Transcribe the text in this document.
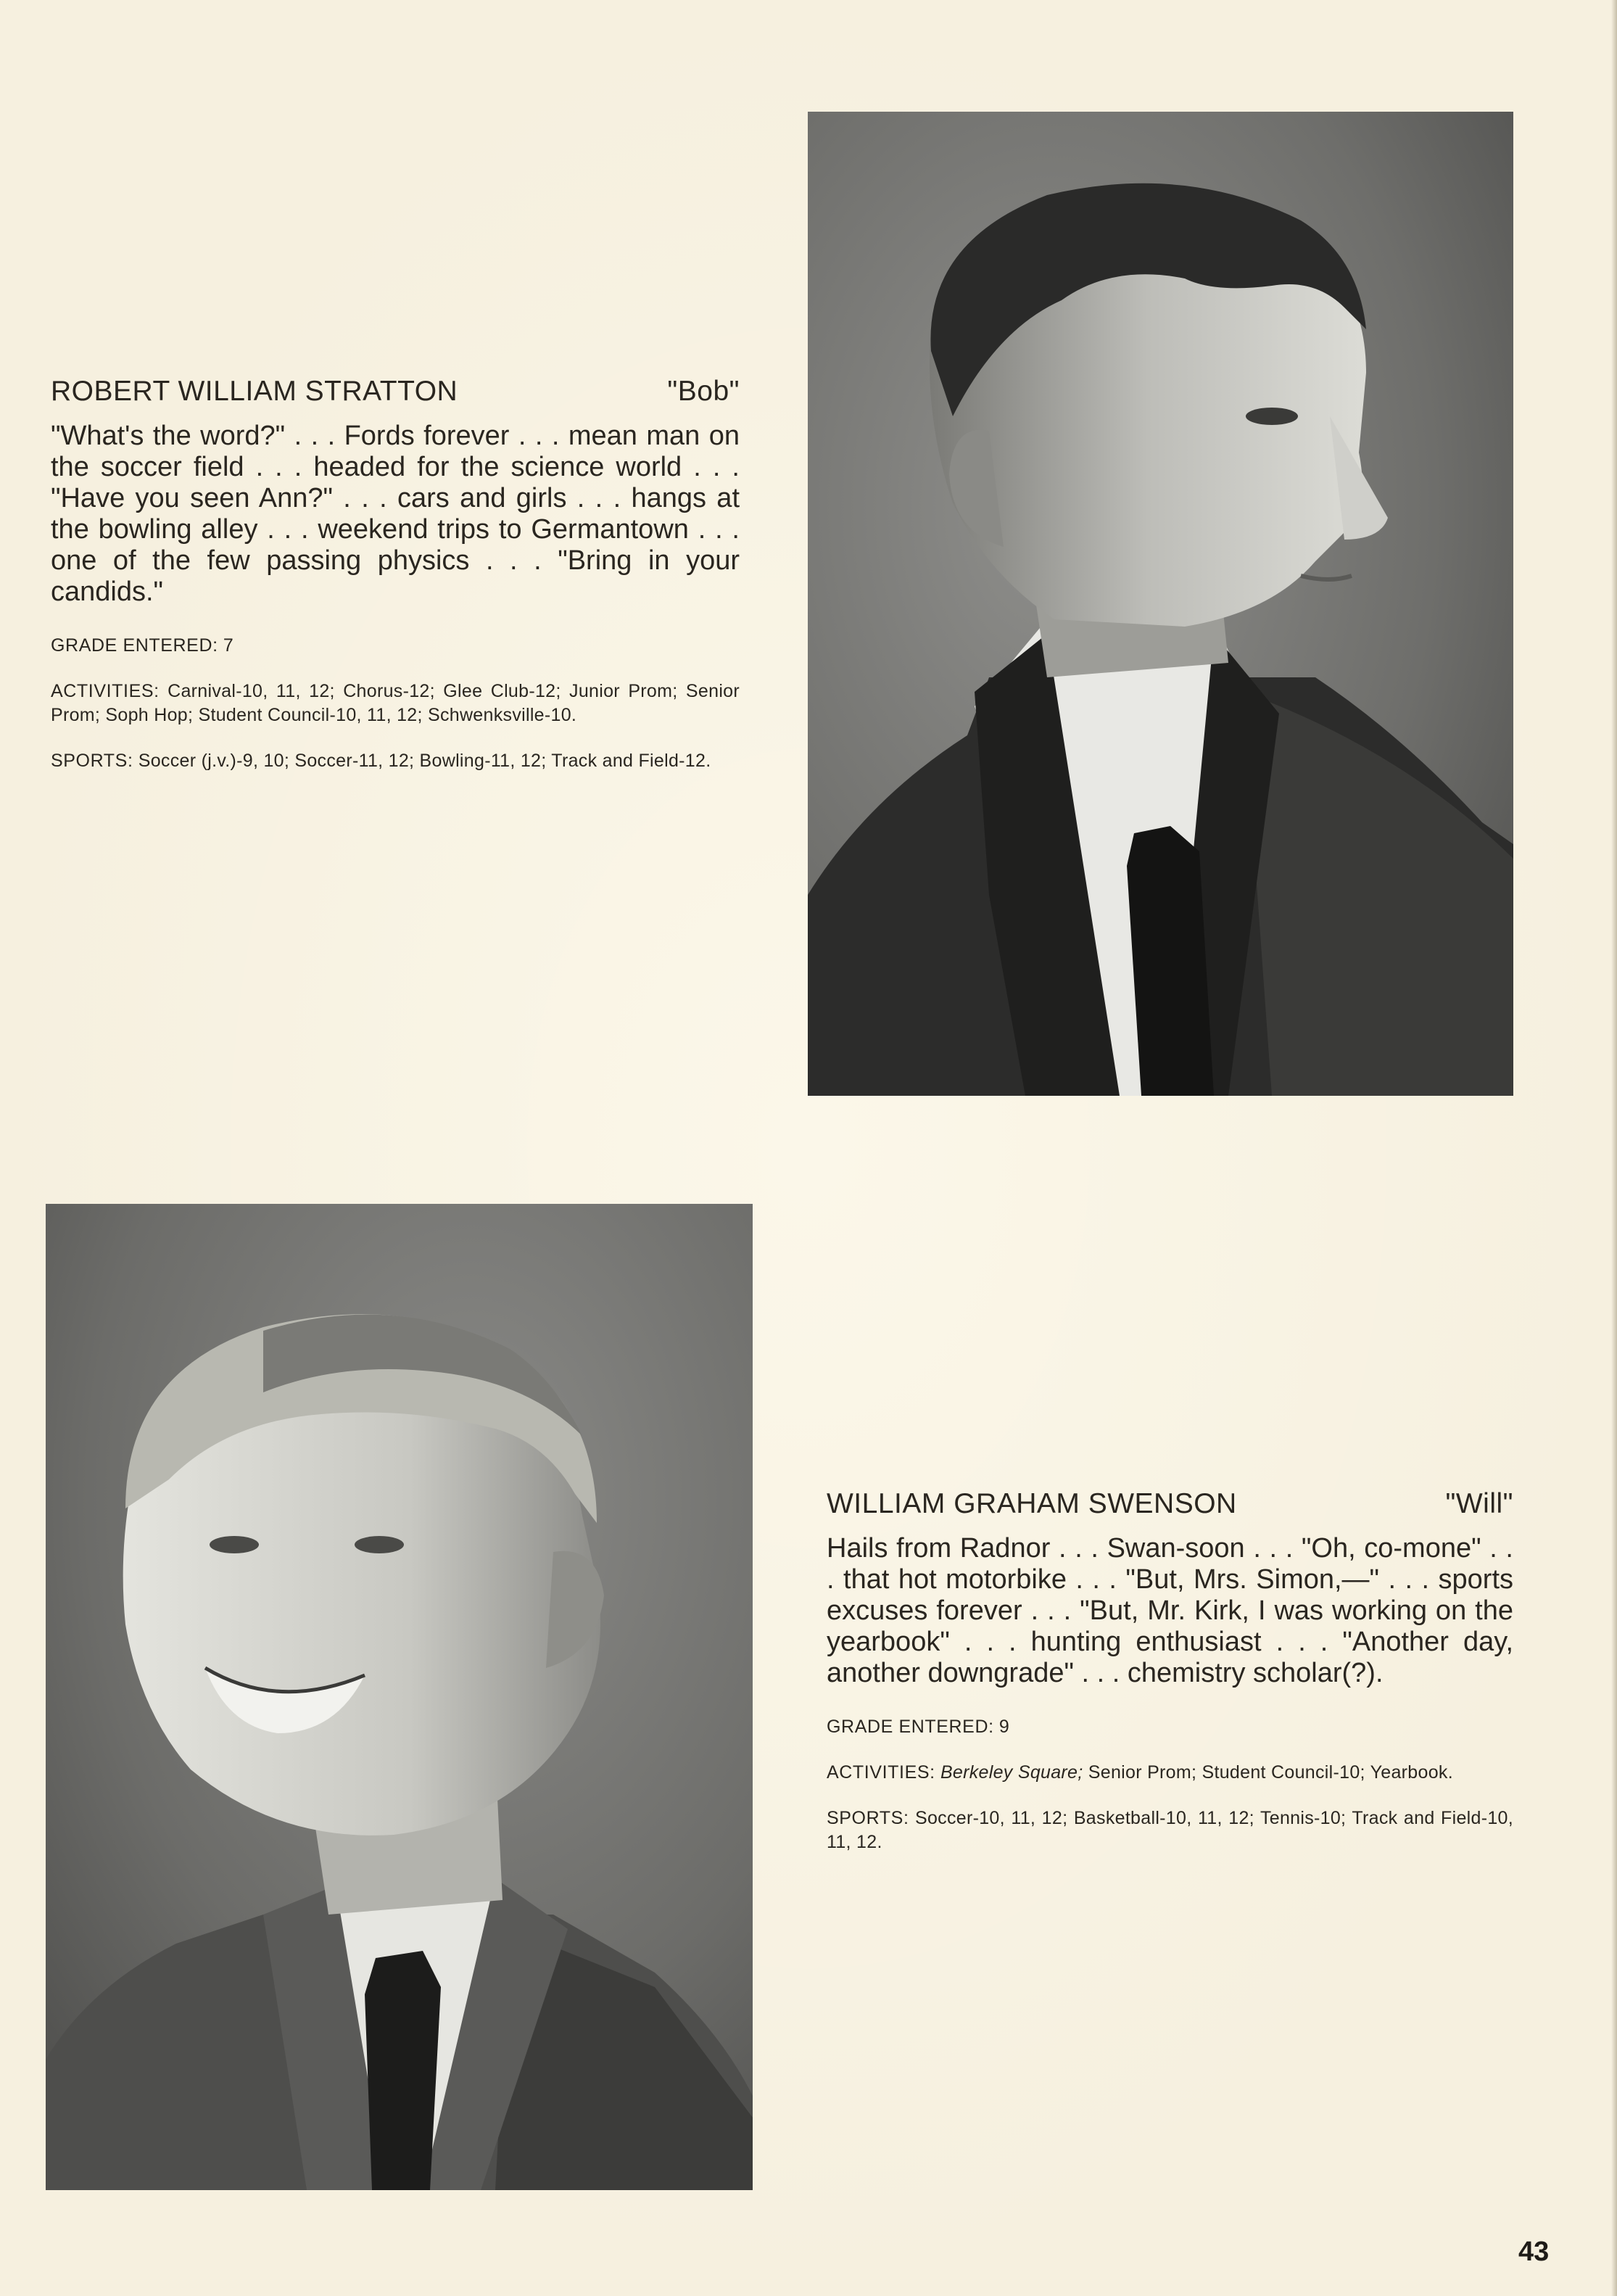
ROBERT WILLIAM STRATTON	"Bob"

"What's the word?" . . . Fords forever . . . mean man on the soccer field . . . headed for the science world . . . "Have you seen Ann?" . . . cars and girls . . . hangs at the bowling alley . . . weekend trips to Germantown . . . one of the few passing physics . . . "Bring in your candids."

GRADE ENTERED: 7

ACTIVITIES: Carnival-10, 11, 12; Chorus-12; Glee Club-12; Junior Prom; Senior Prom; Soph Hop; Student Council-10, 11, 12; Schwenksville-10.

SPORTS: Soccer (j.v.)-9, 10; Soccer-11, 12; Bowling-11, 12; Track and Field-12.

WILLIAM GRAHAM SWENSON	"Will"

Hails from Radnor . . . Swan-soon . . . "Oh, co-mone" . . . that hot motorbike . . . "But, Mrs. Simon,—" . . . sports excuses forever . . . "But, Mr. Kirk, I was working on the yearbook" . . . hunting enthusiast . . . "Another day, another downgrade" . . . chemistry scholar(?).

GRADE ENTERED: 9

ACTIVITIES: Berkeley Square; Senior Prom; Student Council-10; Yearbook.

SPORTS: Soccer-10, 11, 12; Basketball-10, 11, 12; Tennis-10; Track and Field-10, 11, 12.

43
